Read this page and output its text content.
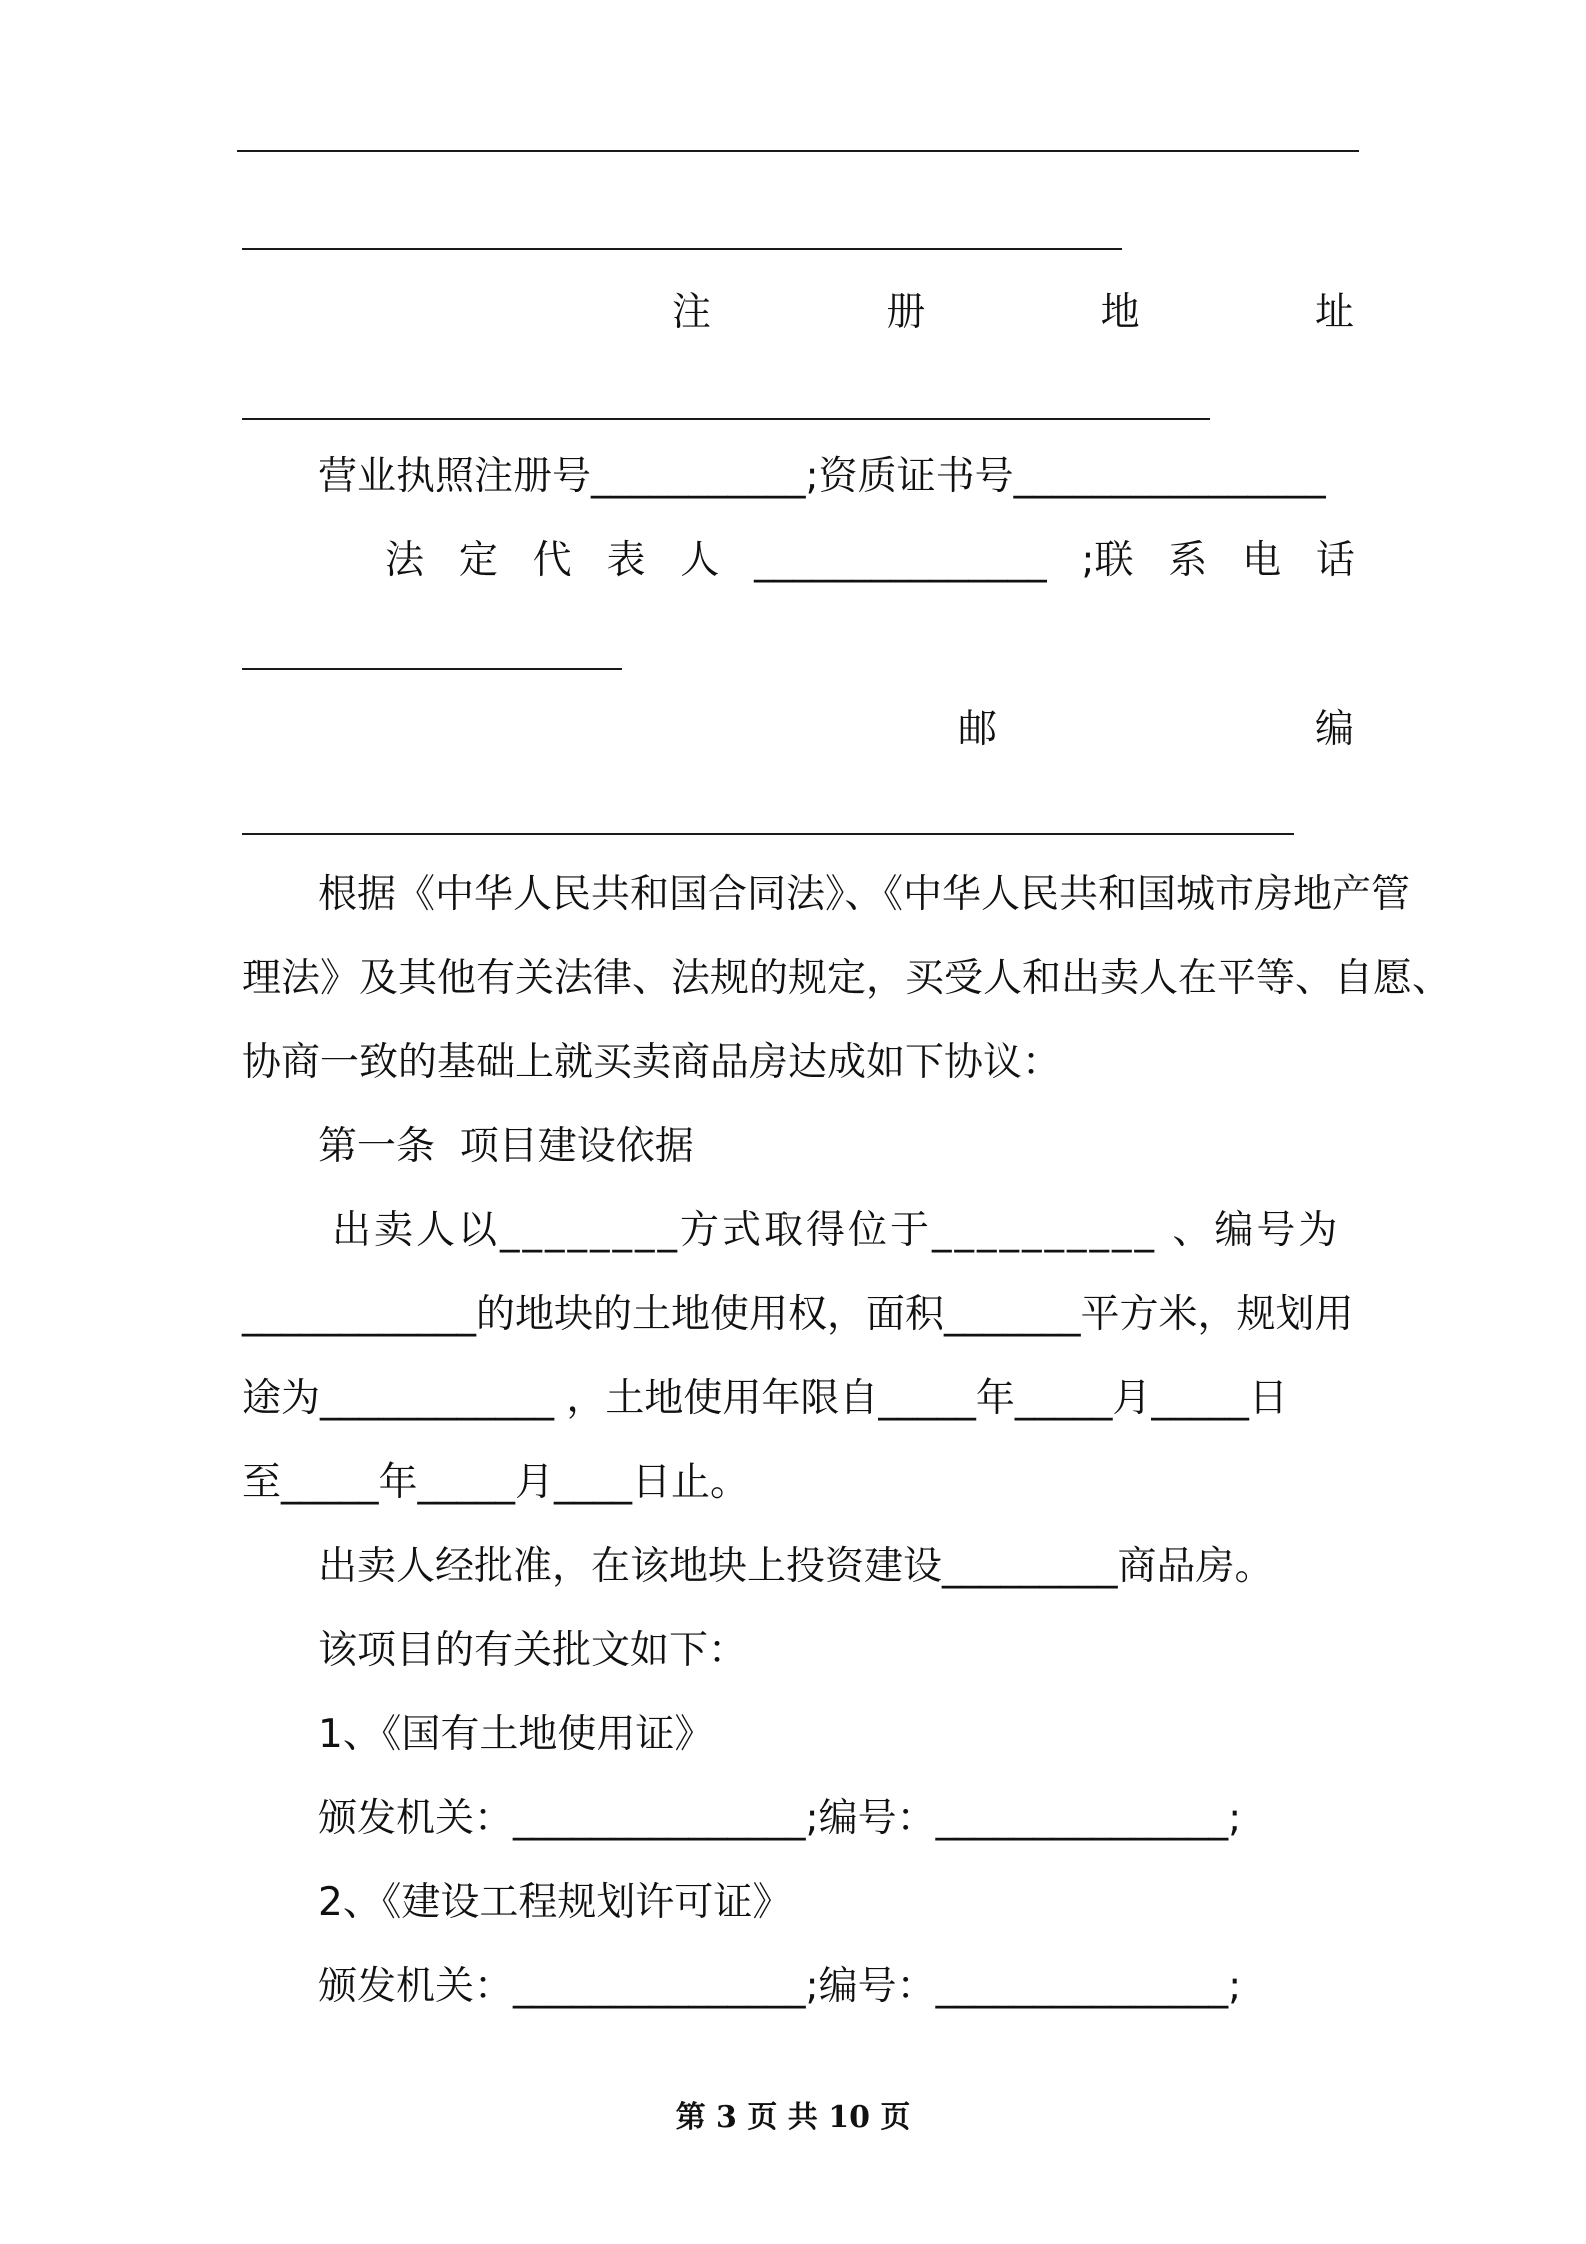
注	册	地	址
营业执照注册号___________;资质证书号________________
法 定 代 表 人 _______________ ;联 系 电 话
邮	编
根据《中华人民共和国合同法》、《中华人民共和国城市房地产管
理法》及其他有关法律、法规的规定，买受人和出卖人在平等、自愿、
协商一致的基础上就买卖商品房达成如下协议：
第一条  项目建设依据
出卖人以________方式取得位于__________ 、编号为
____________的地块的土地使用权，面积_______平方米，规划用
途为____________ ，土地使用年限自_____年_____月_____日
至_____年_____月____日止。
出卖人经批准，在该地块上投资建设_________商品房。
该项目的有关批文如下：
1、《国有土地使用证》
颁发机关：_______________;编号：_______________;
2、《建设工程规划许可证》
颁发机关：_______________;编号：_______________;
第 3 页 共 10 页
